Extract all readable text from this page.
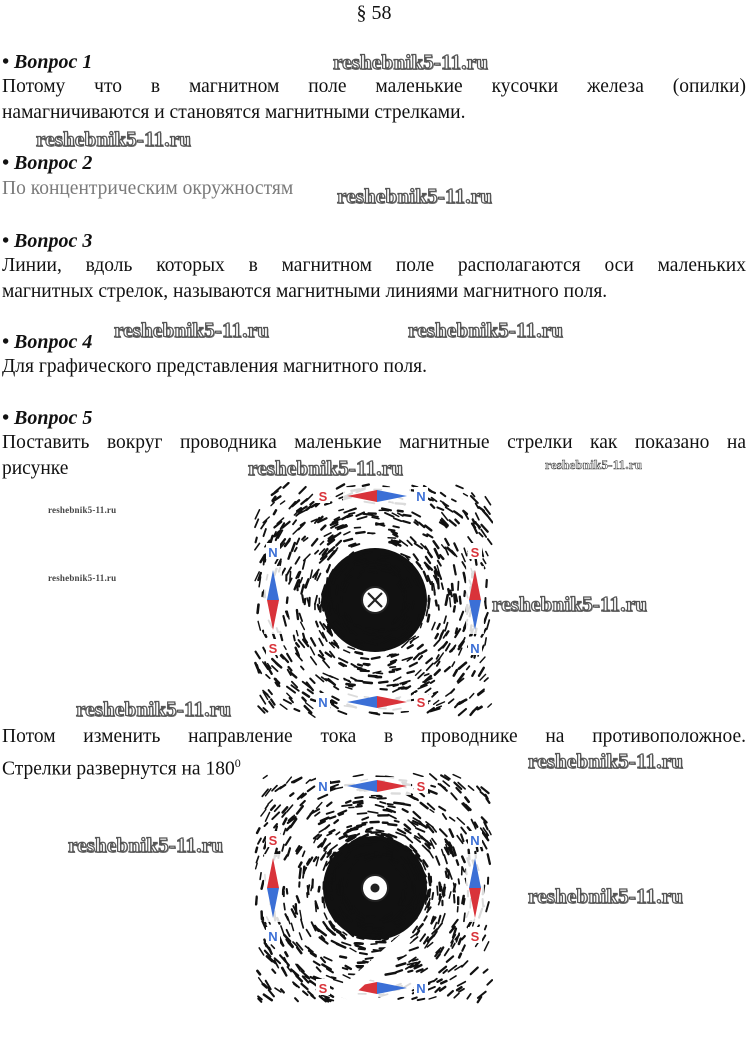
§ 58
• Вопрос 1
Потому что в магнитном поле маленькие кусочки железа (опилки)
намагничиваются и становятся магнитными стрелками.
• Вопрос 2
По концентрическим окружностям
• Вопрос 3
Линии, вдоль которых в магнитном поле располагаются оси маленьких
магнитных стрелок, называются магнитными линиями магнитного поля.
• Вопрос 4
Для графического представления магнитного поля.
• Вопрос 5
Поставить вокруг проводника маленькие магнитные стрелки как показано на
рисунке
S	N
N	S
N
S
S
N
Потом изменить направление тока в проводнике на противоположное.
Стрелки развернутся на $180^0$
N	S
S	N
S
N
N
S
reshebnik5-11.ru
reshebnik5-11.ru
reshebnik5-11.ru
reshebnik5-11.ru	reshebnik5-11.ru
reshebnik5-11.ru	reshebnik5-11.ru
reshebnik5-11.ru
reshebnik5-11.ru
reshebnik5-11.ru
reshebnik5-11.ru
reshebnik5-11.ru
reshebnik5-11.ru
reshebnik5-11.ru
